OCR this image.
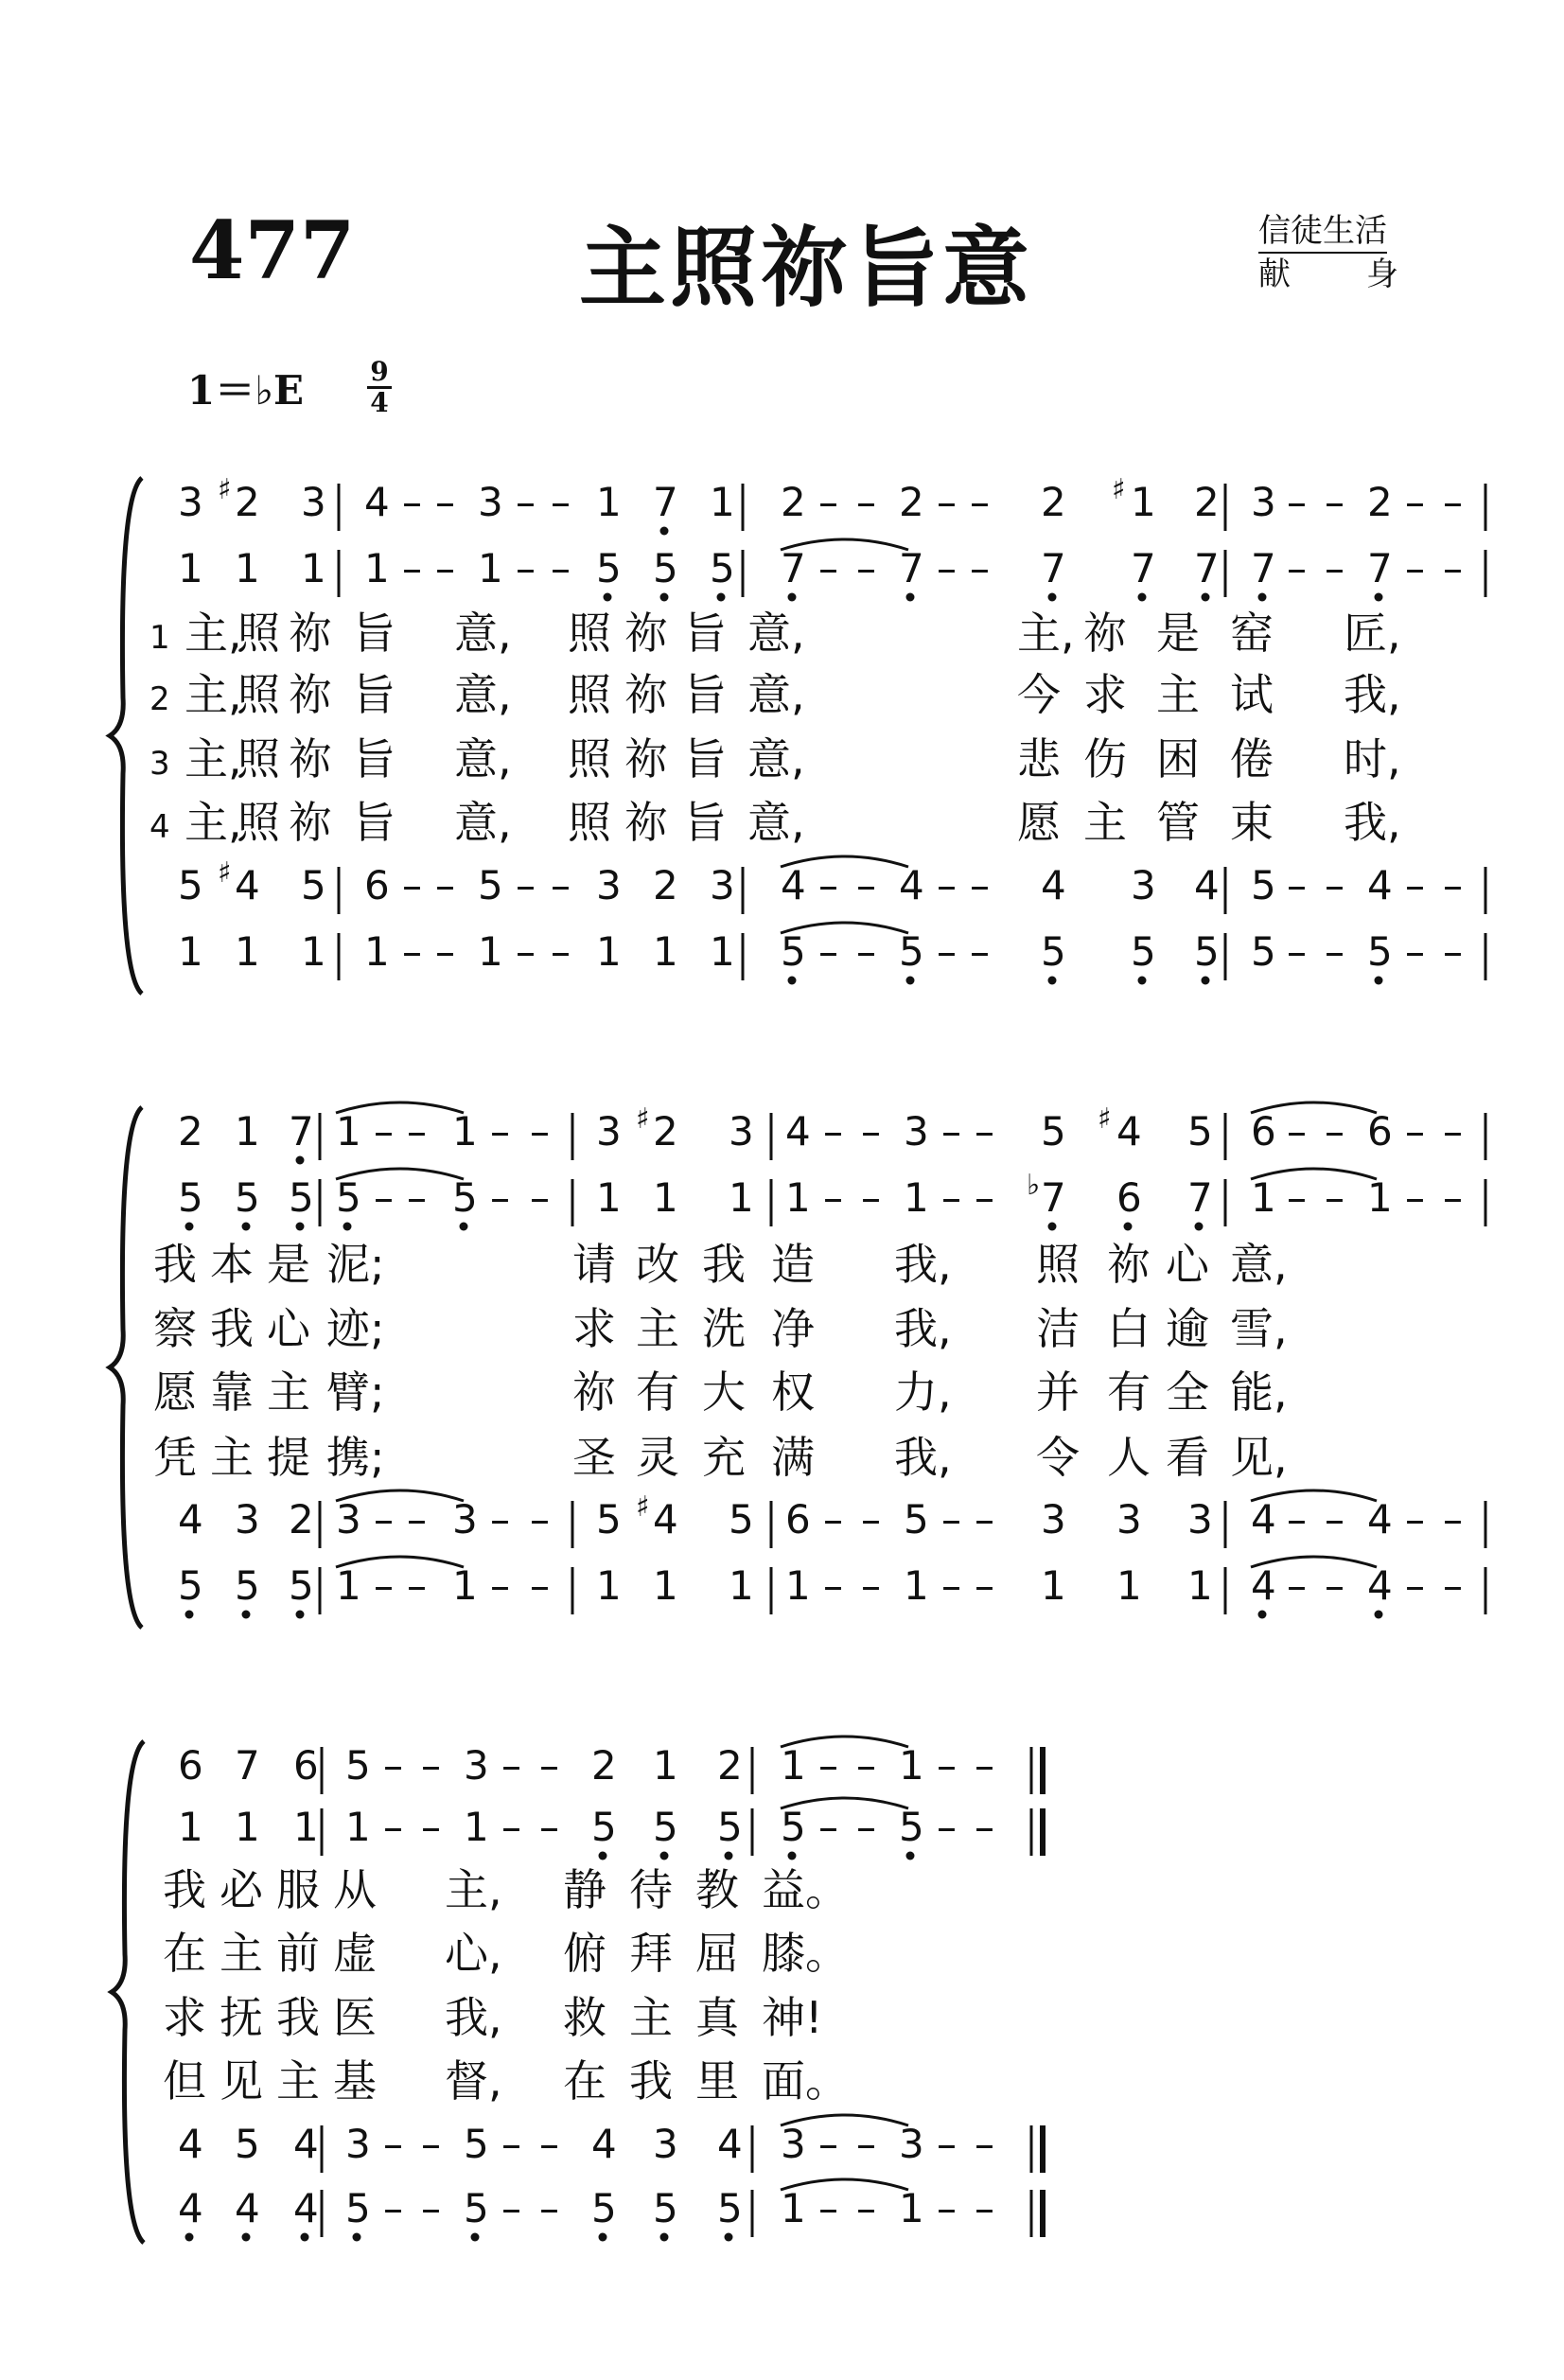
477	主照祢旨意	信徒生活
献　身
1＝♭E	9
4
3 ♯ 2 3 4 – – 3 – – 1 7 1 2 – – 2 – – 2 ♯ 1 2 3 – – 2 – –
1 1 1 1 – – 1 – – 5 5 5 7 – – 7 – – 7 7 7 7 – – 7 – –
1 主,
照 祢 旨 意, 照 祢 旨 意,	主, 祢 是 窑 匠,
2 主,
照 祢 旨 意, 照 祢 旨 意,	今 求 主 试 我,
3 主,
照 祢 旨 意, 照 祢 旨 意,	悲 伤 困 倦 时,
4 主,
照 祢 旨 意, 照 祢 旨 意,	愿 主 管 束 我,
5 ♯ 4 5 6 – – 5 – – 3 2 3 4 – – 4 – – 4 3 4 5 – – 4 – –
1 1 1 1 – – 1 – – 1 1 1 5 – – 5 – – 5 5 5 5 – – 5 – –
2 1 7 1 – – 1 – – 3 ♯ 2 3 4 – – 3 – – 5 ♯ 4 5 6 – – 6 – –
5 5 5 5 – – 5 – – 1 1 1 1 – – 1 – – ♭ 7 6 7 1 – – 1 – –
我 本 是 泥;	请 改 我 造 我, 照 祢 心 意,
察 我 心 迹;	求 主 洗 净 我, 洁 白 逾 雪,
愿 靠 主 臂;	祢 有 大 权 力, 并 有 全 能,
凭 主 提 携;	圣 灵 充 满 我, 令 人 看 见,
4 3 2 3 – – 3 – – 5 ♯ 4 5 6 – – 5 – – 3 3 3 4 – – 4 – –
5 5 5 1 – – 1 – – 1 1 1 1 – – 1 – – 1 1 1 4 – – 4 – –
6 7 6 5 – – 3 – – 2 1 2 1 – – 1 – –
1 1 1 1 – – 1 – – 5 5 5 5 – – 5 – –
我 必 服 从 主, 静 待 教 益。
在 主 前 虚 心, 俯 拜 屈 膝。
求 抚 我 医 我, 救 主 真 神!
但 见 主 基 督, 在 我 里 面。
4 5 4 3 – – 5 – – 4 3 4 3 – – 3 – –
4 4 4 5 – – 5 – – 5 5 5 1 – – 1 – –
